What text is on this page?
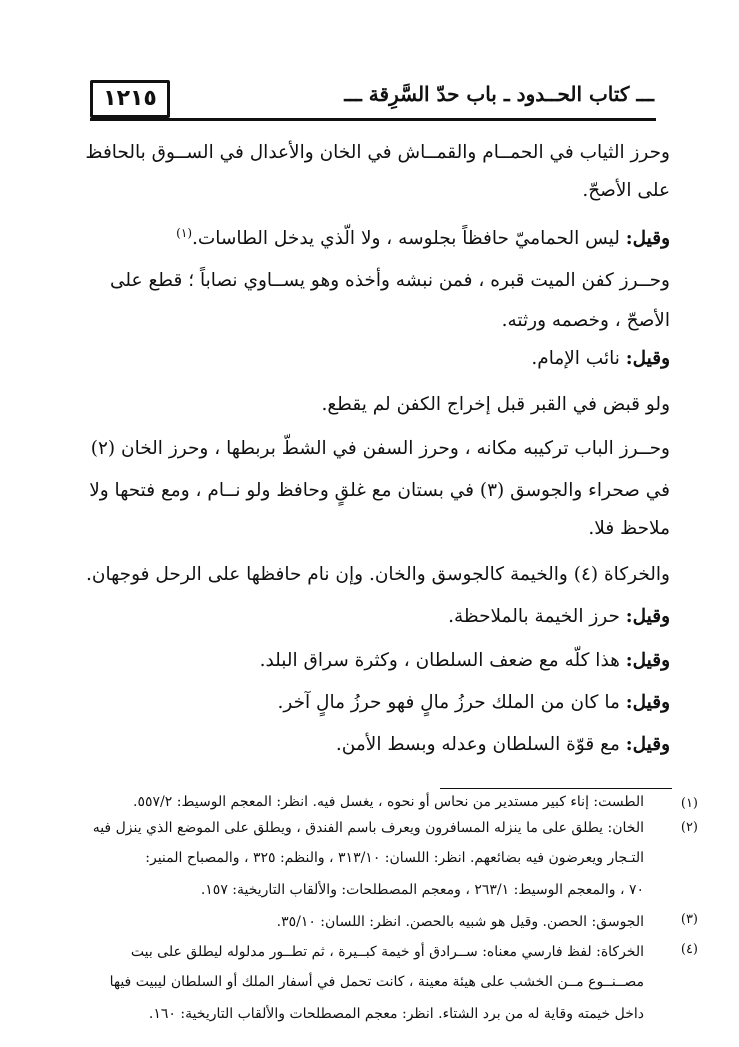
١٢١٥	ـــ كتاب الحــدود ـ باب حدّ السَّرِقة ـــ
وحرز الثياب في الحمــام والقمــاش في الخان والأعدال في الســوق بالحافظ
على الأصحّ.
وقيل: ليس الحماميّ حافظاً بجلوسه ، ولا الّذي يدخل الطاسات.$^{(١)}$
وحــرز كفن الميت قبره ، فمن نبشه وأخذه وهو يســاوي نصاباً ؛ قطع على
الأصحّ ، وخصمه ورثته.
وقيل: نائب الإمام.
ولو قبض في القبر قبل إخراج الكفن لم يقطع.
وحــرز الباب تركيبه مكانه ، وحرز السفن في الشطّ بربطها ، وحرز الخان (٢)
في صحراء والجوسق (٣) في بستان مع غلقٍ وحافظ ولو نــام ، ومع فتحها ولا
ملاحظ فلا.
والخركاة (٤) والخيمة كالجوسق والخان. وإن نام حافظها على الرحل فوجهان.
وقيل: حرز الخيمة بالملاحظة.
وقيل: هذا كلّه مع ضعف السلطان ، وكثرة سراق البلد.
وقيل: ما كان من الملك حرزُ مالٍ فهو حرزُ مالٍ آخر.
وقيل: مع قوّة السلطان وعدله وبسط الأمن.
(١)
الطست: إناء كبير مستدير من نحاس أو نحوه ، يغسل فيه. انظر: المعجم الوسيط: ٥٥٧/٢.
(٢)
الخان: يطلق على ما ينزله المسافرون ويعرف باسم الفندق ، ويطلق على الموضع الذي ينزل فيه
التـجار ويعرضون فيه بضائعهم. انظر: اللسان: ٣١٣/١٠ ، والنظم: ٣٢٥ ، والمصباح المنير:
٧٠ ، والمعجم الوسيط: ٢٦٣/١ ، ومعجم المصطلحات: والألقاب التاريخية: ١٥٧.
(٣)
الجوسق: الحصن. وقيل هو شبيه بالحصن. انظر: اللسان: ٣٥/١٠.
(٤)
الخركاة: لفظ فارسي معناه: ســرادق أو خيمة كبــيرة ، ثم تطــور مدلوله ليطلق على بيت
مصــنــوع مــن الخشب على هيئة معينة ، كانت تحمل في أسفار الملك أو السلطان ليبيت فيها
داخل خيمته وقاية له من برد الشتاء. انظر: معجم المصطلحات والألقاب التاريخية: ١٦٠.
